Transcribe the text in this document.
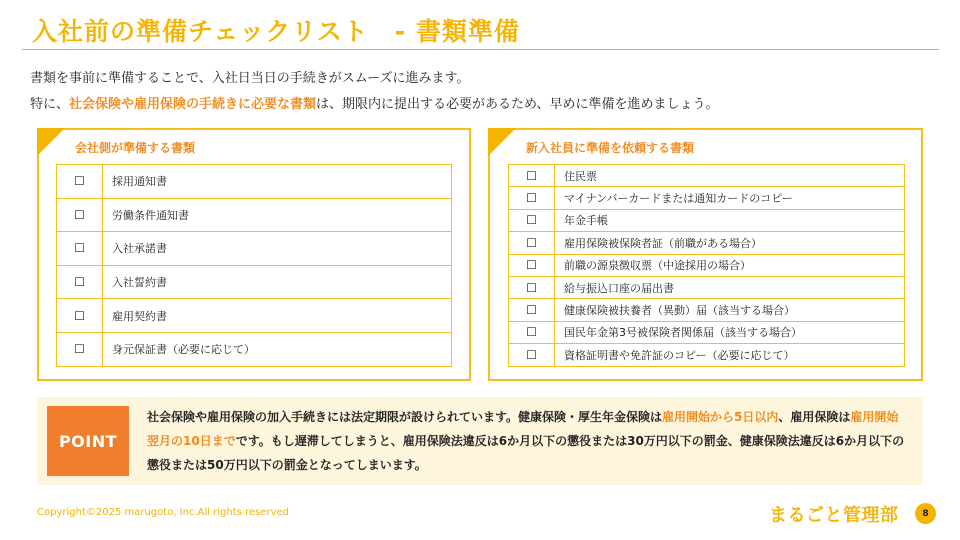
入社前の準備チェックリスト　- 書類準備
書類を事前に準備することで、入社日当日の手続きがスムーズに進みます。
特に、社会保険や雇用保険の手続きに必要な書類は、期限内に提出する必要があるため、早めに準備を進めましょう。
会社側が準備する書類
☐	採用通知書
☐	労働条件通知書
☐	入社承諾書
☐	入社誓約書
☐	雇用契約書
☐	身元保証書（必要に応じて）
新入社員に準備を依頼する書類
☐	住民票
☐	マイナンバーカードまたは通知カードのコピー
☐	年金手帳
☐	雇用保険被保険者証（前職がある場合）
☐	前職の源泉徴収票（中途採用の場合）
☐	給与振込口座の届出書
☐	健康保険被扶養者（異動）届（該当する場合）
☐	国民年金第3号被保険者関係届（該当する場合）
☐	資格証明書や免許証のコピー（必要に応じて）
POINT
社会保険や雇用保険の加入手続きには法定期限が設けられています。健康保険・厚生年金保険は雇用開始から5日以内、雇用保険は雇用開始翌月の10日までです。もし遅滞してしまうと、雇用保険法違反は6か月以下の懲役または30万円以下の罰金、健康保険法違反は6か月以下の懲役または50万円以下の罰金となってしまいます。
Copyright©2025 marugoto, Inc.All rights reserved	まるごと管理部	8
